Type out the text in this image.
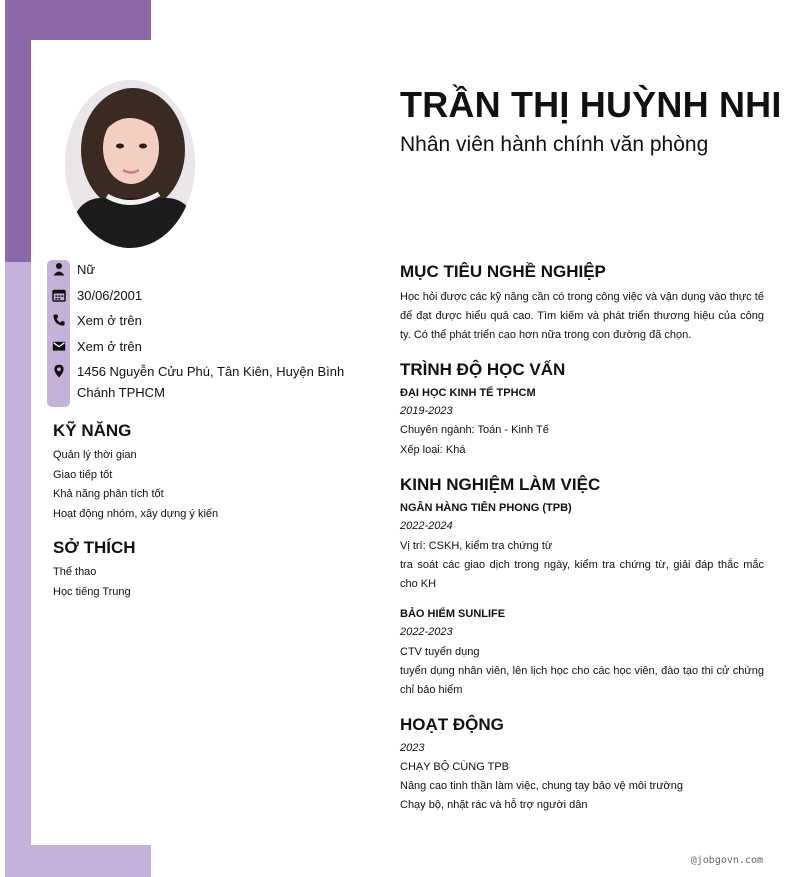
TRẦN THỊ HUỲNH NHI
Nhân viên hành chính văn phòng
Nữ
30/06/2001
Xem ở trên
Xem ở trên
1456 Nguyễn Cửu Phú, Tân Kiên, Huyện Bình Chánh TPHCM
KỸ NĂNG
Quản lý thời gian
Giao tiếp tốt
Khả năng phân tích tốt
Hoạt động nhóm, xây dựng ý kiến
SỞ THÍCH
Thể thao
Học tiếng Trung
MỤC TIÊU NGHỀ NGHIỆP
Học hỏi được các kỹ năng cần có trong công việc và vận dụng vào thực tế để đạt được hiểu quả cao. Tìm kiếm và phát triển thương hiệu của công ty. Có thể phát triển cao hơn nữa trong con đường đã chọn.
TRÌNH ĐỘ HỌC VẤN
ĐẠI HỌC KINH TẾ TPHCM
2019-2023
Chuyên ngành: Toán - Kinh Tế
Xếp loại: Khá
KINH NGHIỆM LÀM VIỆC
NGÂN HÀNG TIÊN PHONG (TPB)
2022-2024
Vị trí: CSKH, kiểm tra chứng từ
tra soát các giao dịch trong ngày, kiểm tra chứng từ, giải đáp thắc mắc cho KH
BẢO HIỂM SUNLIFE
2022-2023
CTV tuyển dụng
tuyển dụng nhân viên, lên lịch học cho các học viên, đào tạo thi cử chứng chỉ bảo hiểm
HOẠT ĐỘNG
2023
CHẠY BỘ CÙNG TPB
Nâng cao tinh thần làm việc, chung tay bảo vệ môi trường
Chạy bộ, nhặt rác và hỗ trợ người dân
@jobgovn.com
